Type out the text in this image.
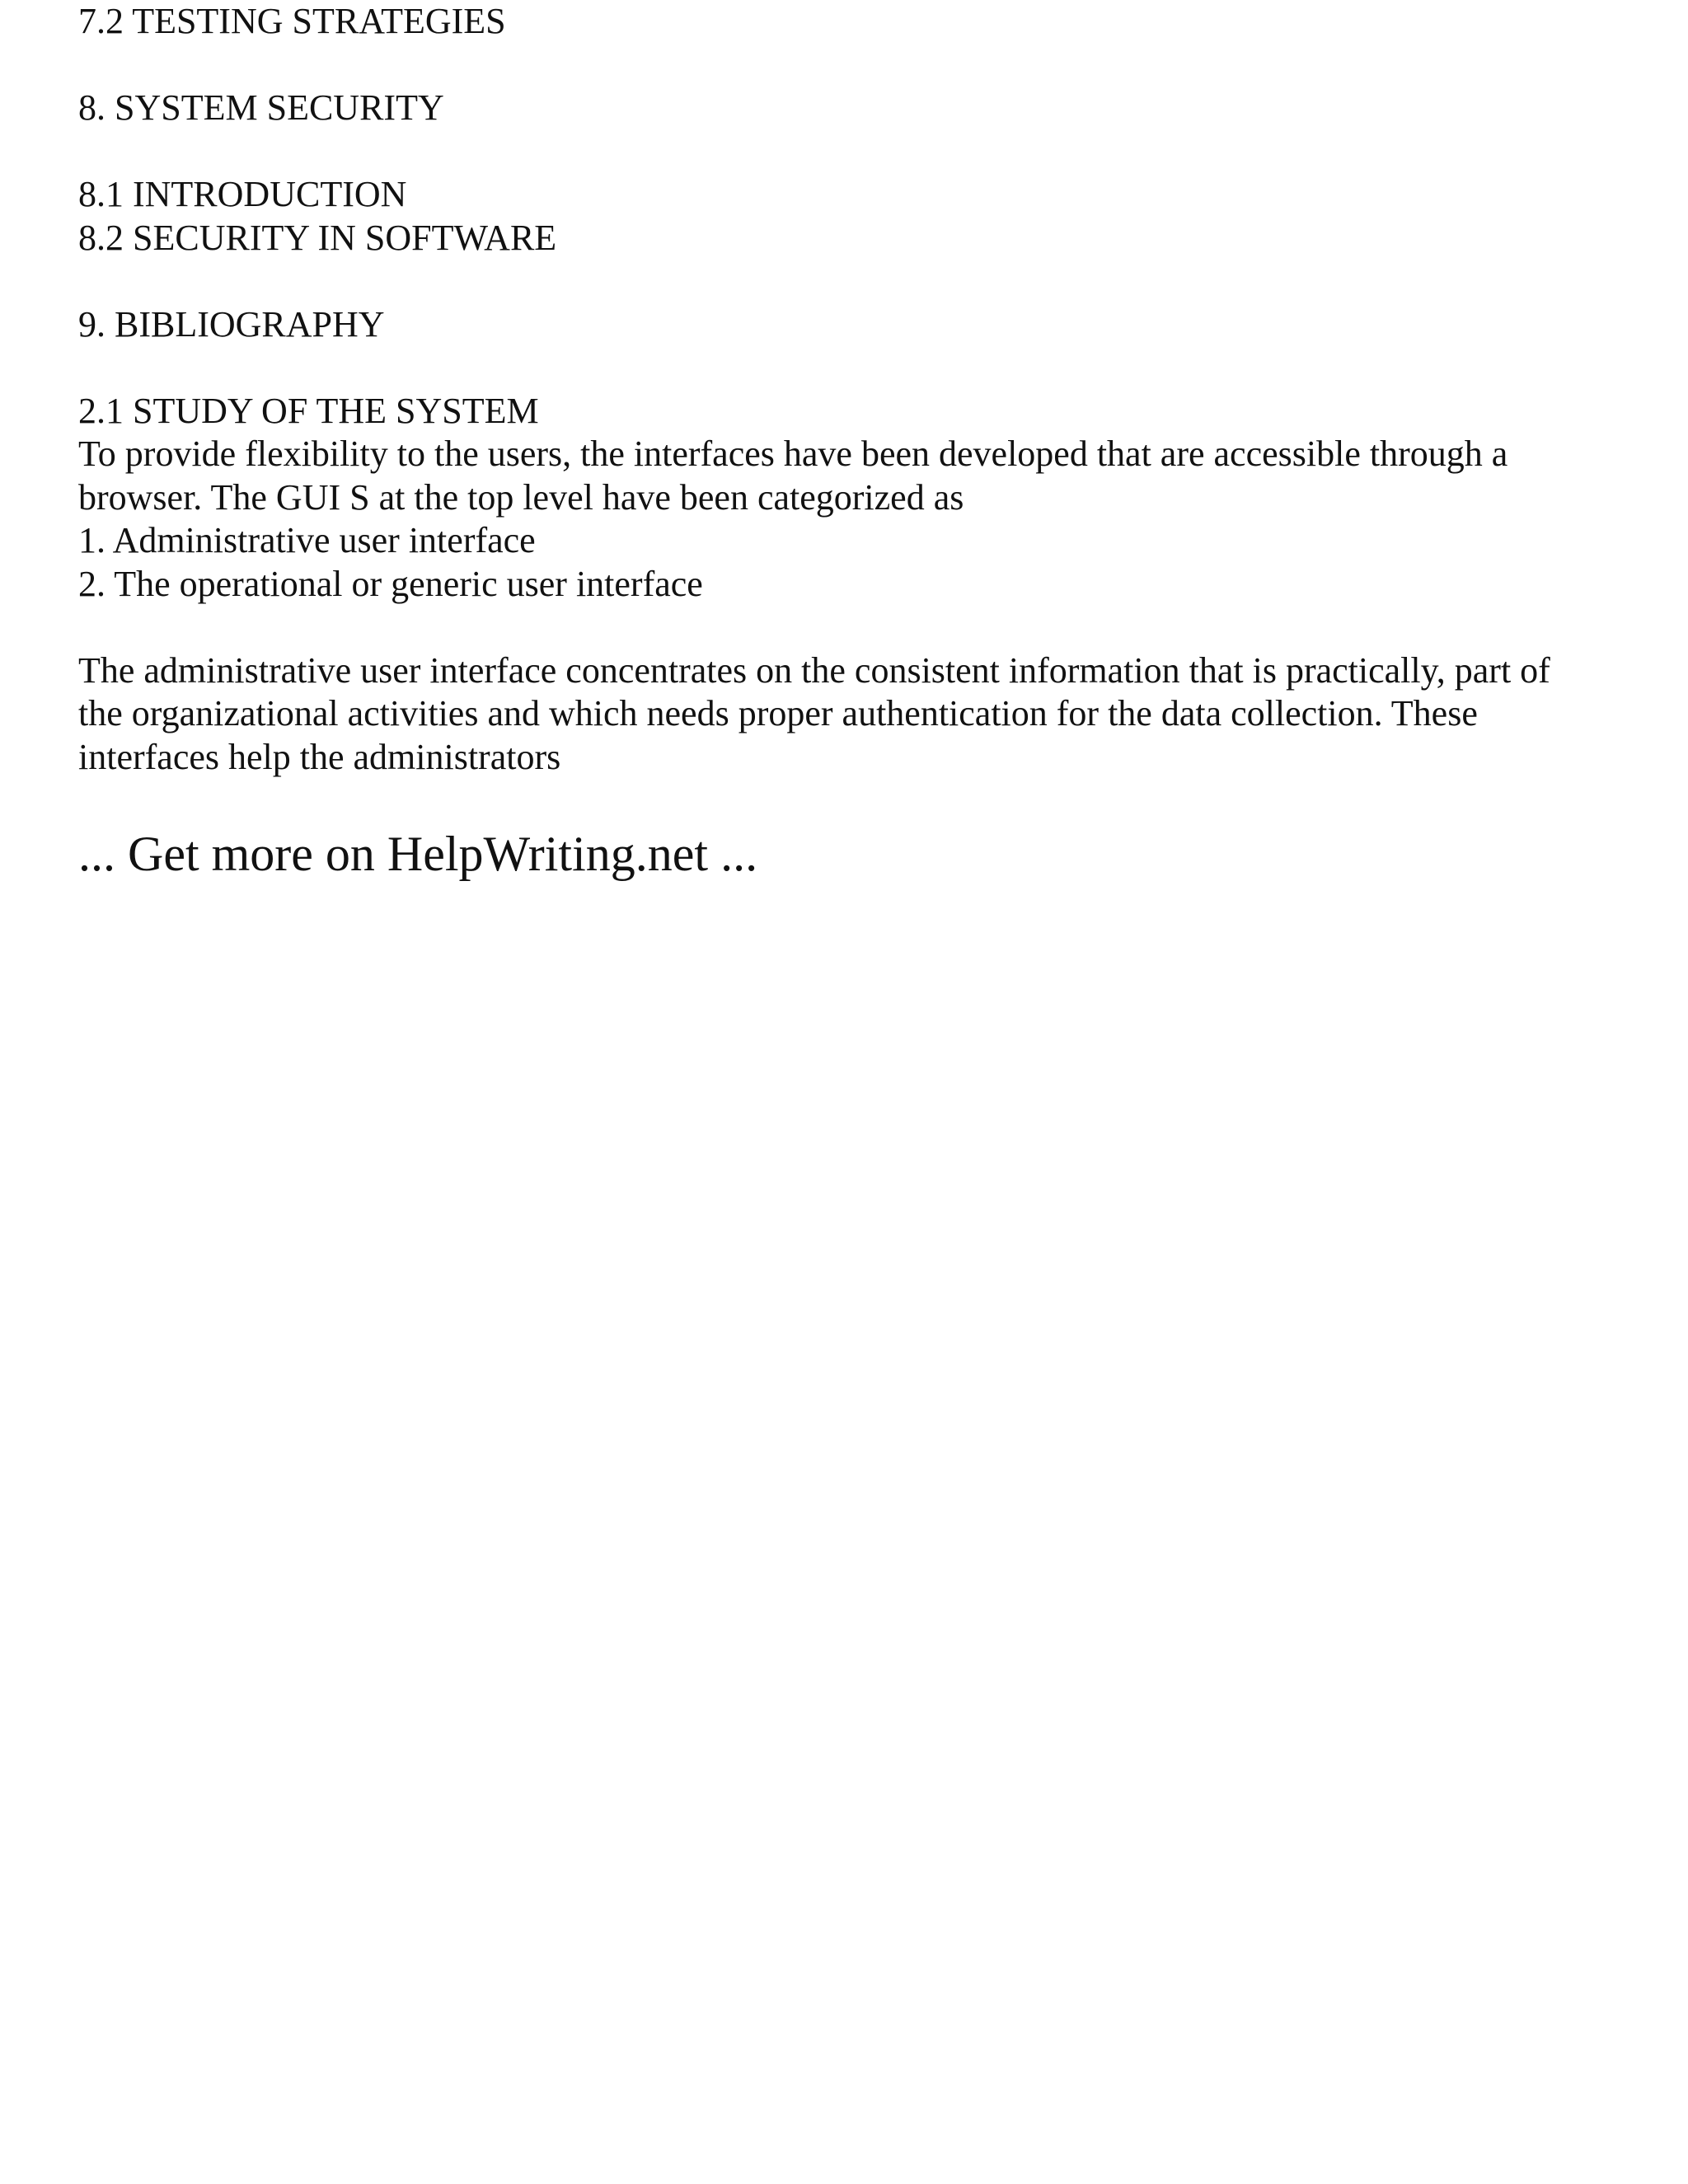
7.2 TESTING STRATEGIES
8. SYSTEM SECURITY
8.1 INTRODUCTION
8.2 SECURITY IN SOFTWARE
9. BIBLIOGRAPHY
2.1 STUDY OF THE SYSTEM
To provide flexibility to the users, the interfaces have been developed that are accessible through a
browser. The GUI S at the top level have been categorized as
1. Administrative user interface
2. The operational or generic user interface
The administrative user interface concentrates on the consistent information that is practically, part of
the organizational activities and which needs proper authentication for the data collection. These
interfaces help the administrators
... Get more on HelpWriting.net ...
